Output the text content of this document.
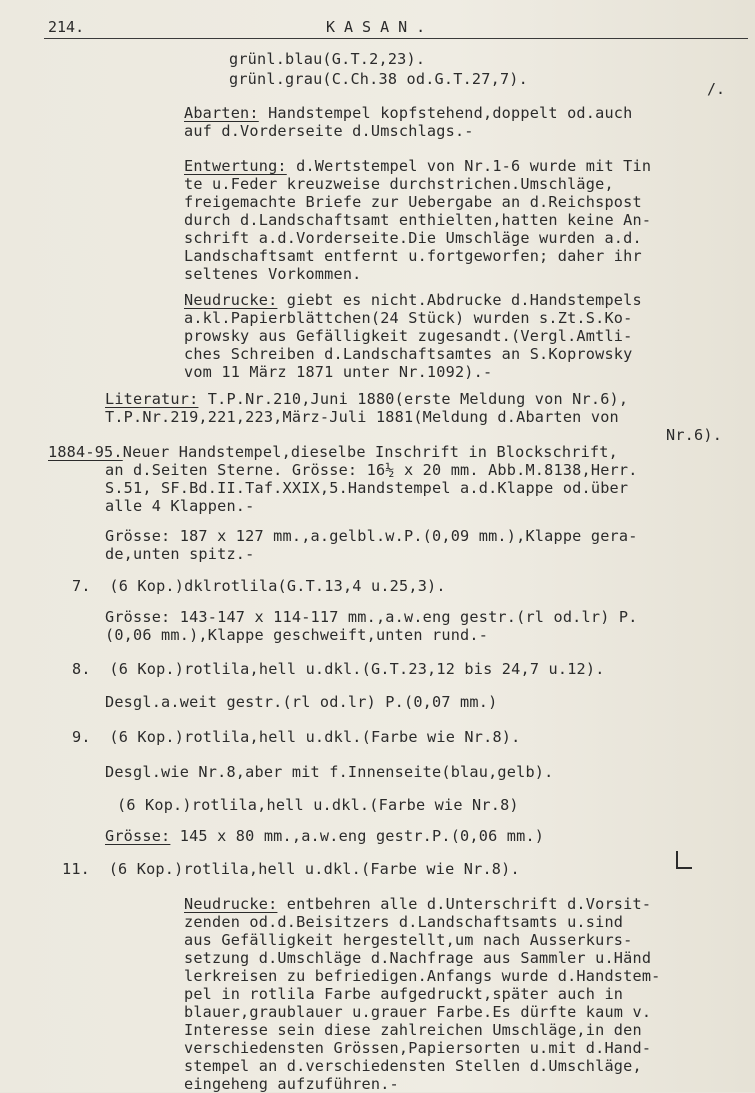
214.	KASAN.
grünl.blau(G.T.2,23).
grünl.grau(C.Ch.38 od.G.T.27,7).
Abarten: Handstempel kopfstehend,doppelt od.auch
auf d.Vorderseite d.Umschlags.-
Entwertung: d.Wertstempel von Nr.1-6 wurde mit Tin
te u.Feder kreuzweise durchstrichen.Umschläge,
freigemachte Briefe zur Uebergabe an d.Reichspost
durch d.Landschaftsamt enthielten,hatten keine An-
schrift a.d.Vorderseite.Die Umschläge wurden a.d.
Landschaftsamt entfernt u.fortgeworfen; daher ihr
seltenes Vorkommen.
Neudrucke: giebt es nicht.Abdrucke d.Handstempels
a.kl.Papierblättchen(24 Stück) wurden s.Zt.S.Ko-
prowsky aus Gefälligkeit zugesandt.(Vergl.Amtli-
ches Schreiben d.Landschaftsamtes an S.Koprowsky
vom 11 März 1871 unter Nr.1092).-
Literatur: T.P.Nr.210,Juni 1880(erste Meldung von Nr.6),
T.P.Nr.219,221,223,März-Juli 1881(Meldung d.Abarten von
Nr.6).
1884-95.Neuer Handstempel,dieselbe Inschrift in Blockschrift,
an d.Seiten Sterne. Grösse: 16½ x 20 mm. Abb.M.8138,Herr.
S.51, SF.Bd.II.Taf.XXIX,5.Handstempel a.d.Klappe od.über
alle 4 Klappen.-
Grösse: 187 x 127 mm.,a.gelbl.w.P.(0,09 mm.),Klappe gera-
de,unten spitz.-
7.  (6 Kop.)dklrotlila(G.T.13,4 u.25,3).
Grösse: 143-147 x 114-117 mm.,a.w.eng gestr.(rl od.lr) P.
(0,06 mm.),Klappe geschweift,unten rund.-
8.  (6 Kop.)rotlila,hell u.dkl.(G.T.23,12 bis 24,7 u.12).
Desgl.a.weit gestr.(rl od.lr) P.(0,07 mm.)
9.  (6 Kop.)rotlila,hell u.dkl.(Farbe wie Nr.8).
Desgl.wie Nr.8,aber mit f.Innenseite(blau,gelb).
(6 Kop.)rotlila,hell u.dkl.(Farbe wie Nr.8)
Grösse: 145 x 80 mm.,a.w.eng gestr.P.(0,06 mm.)
11.  (6 Kop.)rotlila,hell u.dkl.(Farbe wie Nr.8).
Neudrucke: entbehren alle d.Unterschrift d.Vorsit-
zenden od.d.Beisitzers d.Landschaftsamts u.sind
aus Gefälligkeit hergestellt,um nach Ausserkurs-
setzung d.Umschläge d.Nachfrage aus Sammler u.Händ
lerkreisen zu befriedigen.Anfangs wurde d.Handstem-
pel in rotlila Farbe aufgedruckt,später auch in
blauer,graublauer u.grauer Farbe.Es dürfte kaum v.
Interesse sein diese zahlreichen Umschläge,in den
verschiedensten Grössen,Papiersorten u.mit d.Hand-
stempel an d.verschiedensten Stellen d.Umschläge,
eingeheng aufzuführen.-
/.
